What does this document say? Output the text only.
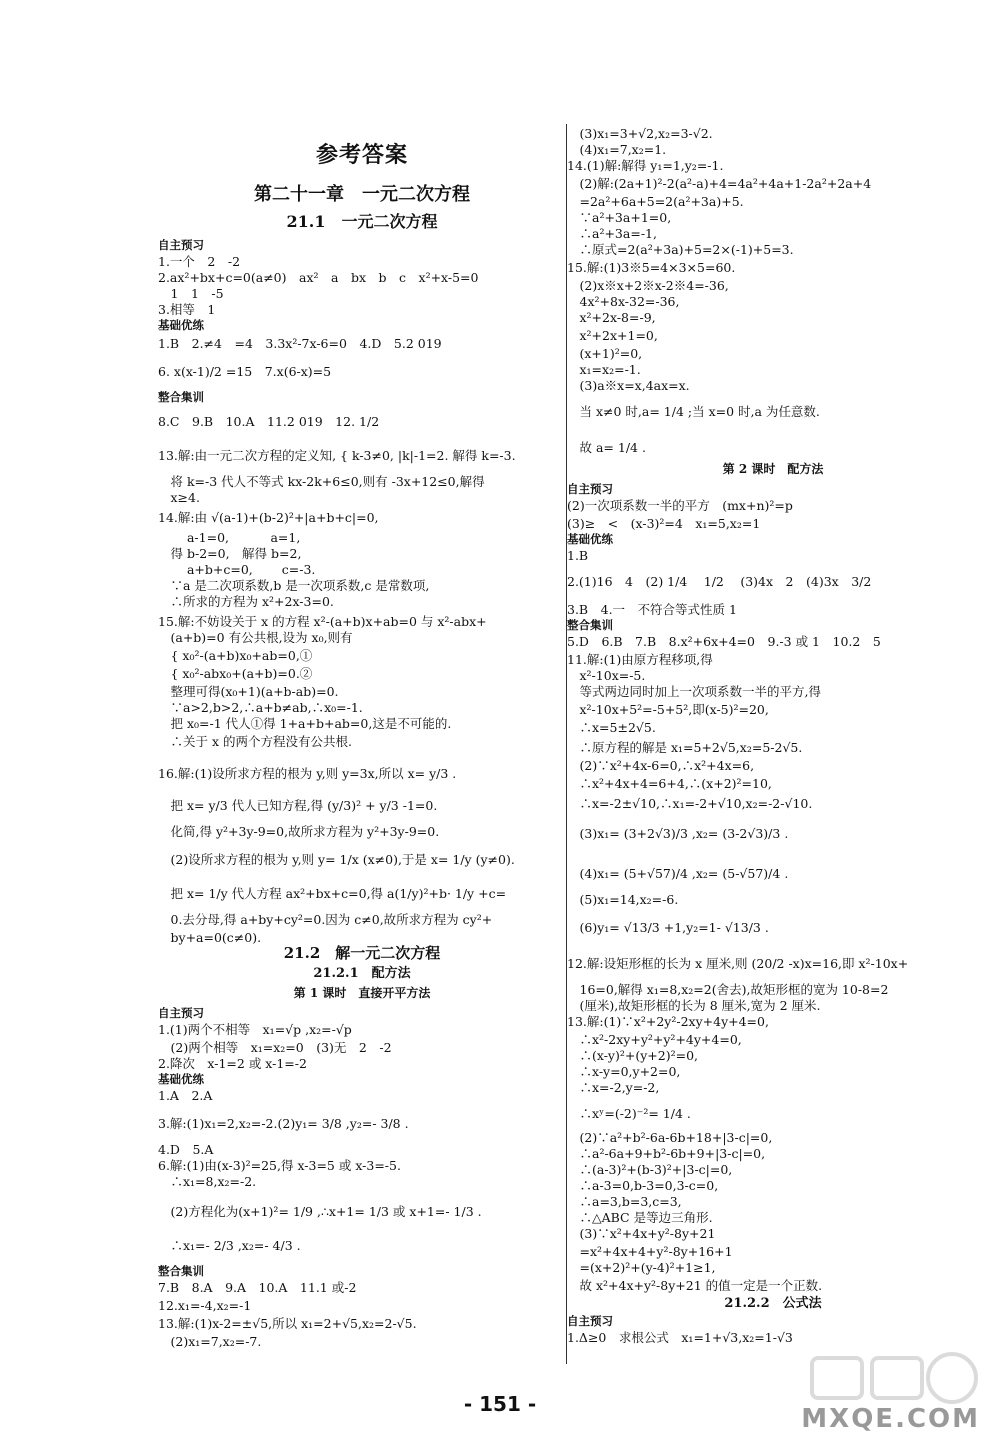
参考答案
第二十一章　一元二次方程
21.1　一元二次方程
自主预习
1.一个　2　-2
2.ax²+bx+c=0(a≠0)　ax²　a　bx　b　c　x²+x-5=0
　1　1　-5
3.相等　1
基础优练
1.B　2.≠4　=4　3.3x²-7x-6=0　4.D　5.2 019
6. x(x-1)/2 =15　7.x(6-x)=5
整合集训
8.C　9.B　10.A　11.2 019　12. 1/2
13.解:由一元二次方程的定义知, { k-3≠0, |k|-1=2. 解得 k=-3.
　将 k=-3 代人不等式 kx-2k+6≤0,则有 -3x+12≤0,解得
　x≥4.
14.解:由 √(a-1)+(b-2)²+|a+b+c|=0,
　　 a-1=0,　　　 a=1,
　得 b-2=0,　解得 b=2,
　　 a+b+c=0,　　 c=-3.
　∵a 是二次项系数,b 是一次项系数,c 是常数项,
　∴所求的方程为 x²+2x-3=0.
15.解:不妨设关于 x 的方程 x²-(a+b)x+ab=0 与 x²-abx+
　(a+b)=0 有公共根,设为 x₀,则有
　{ x₀²-(a+b)x₀+ab=0,①
　{ x₀²-abx₀+(a+b)=0.②
　整理可得(x₀+1)(a+b-ab)=0.
　∵a>2,b>2,∴a+b≠ab,∴x₀=-1.
　把 x₀=-1 代人①得 1+a+b+ab=0,这是不可能的.
　∴关于 x 的两个方程没有公共根.
16.解:(1)设所求方程的根为 y,则 y=3x,所以 x= y/3 .
　把 x= y/3 代人已知方程,得 (y/3)² + y/3 -1=0.
　化简,得 y²+3y-9=0,故所求方程为 y²+3y-9=0.
　(2)设所求方程的根为 y,则 y= 1/x (x≠0),于是 x= 1/y (y≠0).
　把 x= 1/y 代人方程 ax²+bx+c=0,得 a(1/y)²+b· 1/y +c=
　0.去分母,得 a+by+cy²=0.因为 c≠0,故所求方程为 cy²+
　by+a=0(c≠0).
21.2　解一元二次方程
21.2.1　配方法
第 1 课时　直接开平方法
自主预习
1.(1)两个不相等　x₁=√p ,x₂=-√p
　(2)两个相等　x₁=x₂=0　(3)无　2　-2
2.降次　x-1=2 或 x-1=-2
基础优练
1.A　2.A
3.解:(1)x₁=2,x₂=-2.(2)y₁= 3/8 ,y₂=- 3/8 .
4.D　5.A
6.解:(1)由(x-3)²=25,得 x-3=5 或 x-3=-5.
　∴x₁=8,x₂=-2.
　(2)方程化为(x+1)²= 1/9 ,∴x+1= 1/3 或 x+1=- 1/3 .
　∴x₁=- 2/3 ,x₂=- 4/3 .
整合集训
7.B　8.A　9.A　10.A　11.1 或-2
12.x₁=-4,x₂=-1
13.解:(1)x-2=±√5,所以 x₁=2+√5,x₂=2-√5.
　(2)x₁=7,x₂=-7.
　(3)x₁=3+√2,x₂=3-√2.
　(4)x₁=7,x₂=1.
14.(1)解:解得 y₁=1,y₂=-1.
　(2)解:(2a+1)²-2(a²-a)+4=4a²+4a+1-2a²+2a+4
　=2a²+6a+5=2(a²+3a)+5.
　∵a²+3a+1=0,
　∴a²+3a=-1,
　∴原式=2(a²+3a)+5=2×(-1)+5=3.
15.解:(1)3※5=4×3×5=60.
　(2)x※x+2※x-2※4=-36,
　4x²+8x-32=-36,
　x²+2x-8=-9,
　x²+2x+1=0,
　(x+1)²=0,
　x₁=x₂=-1.
　(3)a※x=x,4ax=x.
　当 x≠0 时,a= 1/4 ;当 x=0 时,a 为任意数.
　故 a= 1/4 .
第 2 课时　配方法
自主预习
(2)一次项系数一半的平方　(mx+n)²=p
(3)≥　<　(x-3)²=4　x₁=5,x₂=1
基础优练
1.B
2.(1)16　4　(2) 1/4 　1/2 　(3)4x　2　(4)3x　3/2
3.B　4.一　不符合等式性质 1
整合集训
5.D　6.B　7.B　8.x²+6x+4=0　9.-3 或 1　10.2　5
11.解:(1)由原方程移项,得
　x²-10x=-5.
　等式两边同时加上一次项系数一半的平方,得
　x²-10x+5²=-5+5²,即(x-5)²=20,
　∴x=5±2√5.
　∴原方程的解是 x₁=5+2√5,x₂=5-2√5.
　(2)∵x²+4x-6=0,∴x²+4x=6,
　∴x²+4x+4=6+4,∴(x+2)²=10,
　∴x=-2±√10,∴x₁=-2+√10,x₂=-2-√10.
　(3)x₁= (3+2√3)/3 ,x₂= (3-2√3)/3 .
　(4)x₁= (5+√57)/4 ,x₂= (5-√57)/4 .
　(5)x₁=14,x₂=-6.
　(6)y₁= √13/3 +1,y₂=1- √13/3 .
12.解:设矩形框的长为 x 厘米,则 (20/2 -x)x=16,即 x²-10x+
　16=0,解得 x₁=8,x₂=2(舍去),故矩形框的宽为 10-8=2
　(厘米),故矩形框的长为 8 厘米,宽为 2 厘米.
13.解:(1)∵x²+2y²-2xy+4y+4=0,
　∴x²-2xy+y²+y²+4y+4=0,
　∴(x-y)²+(y+2)²=0,
　∴x-y=0,y+2=0,
　∴x=-2,y=-2,
　∴xʸ=(-2)⁻²= 1/4 .
　(2)∵a²+b²-6a-6b+18+|3-c|=0,
　∴a²-6a+9+b²-6b+9+|3-c|=0,
　∴(a-3)²+(b-3)²+|3-c|=0,
　∴a-3=0,b-3=0,3-c=0,
　∴a=3,b=3,c=3,
　∴△ABC 是等边三角形.
　(3)∵x²+4x+y²-8y+21
　=x²+4x+4+y²-8y+16+1
　=(x+2)²+(y-4)²+1≥1,
　故 x²+4x+y²-8y+21 的值一定是一个正数.
21.2.2　公式法
自主预习
1.Δ≥0　求根公式　x₁=1+√3,x₂=1-√3
- 151 -	MXQE.COM
